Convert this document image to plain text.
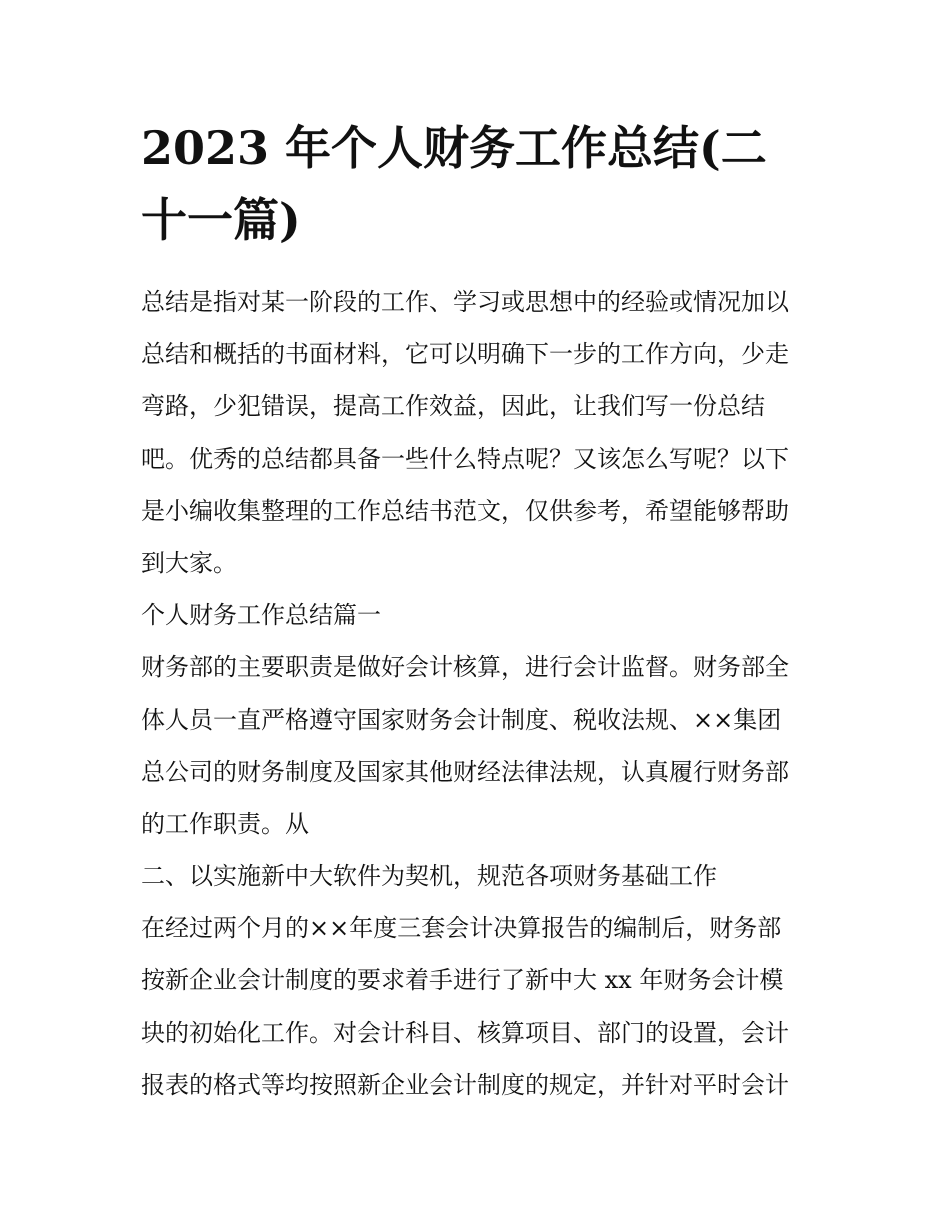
2023 年个人财务工作总结(二
十一篇)
总结是指对某一阶段的工作、学习或思想中的经验或情况加以
总结和概括的书面材料，它可以明确下一步的工作方向，少走
弯路，少犯错误，提高工作效益，因此，让我们写一份总结
吧。优秀的总结都具备一些什么特点呢？又该怎么写呢？以下
是小编收集整理的工作总结书范文，仅供参考，希望能够帮助
到大家。
个人财务工作总结篇一
财务部的主要职责是做好会计核算，进行会计监督。财务部全
体人员一直严格遵守国家财务会计制度、税收法规、××集团
总公司的财务制度及国家其他财经法律法规，认真履行财务部
的工作职责。从
二、以实施新中大软件为契机，规范各项财务基础工作
在经过两个月的××年度三套会计决算报告的编制后，财务部
按新企业会计制度的要求着手进行了新中大 xx 年财务会计模
块的初始化工作。对会计科目、核算项目、部门的设置，会计
报表的格式等均按照新企业会计制度的规定，并针对平时会计
